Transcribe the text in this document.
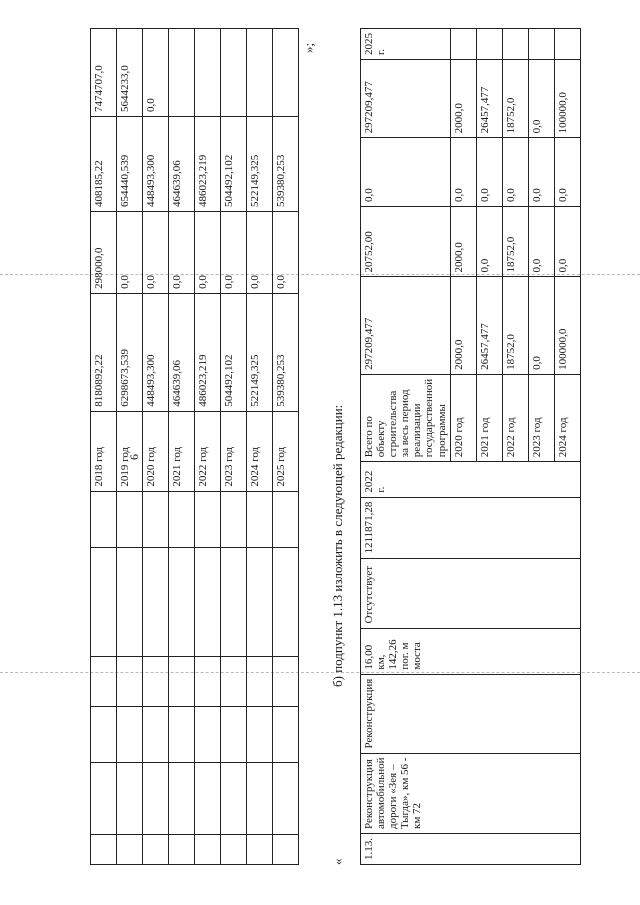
6
						2018 год	8180892,22	298000,0	408185,22	7474707,0
						2019 год	6298673,539	0,0	654440,539	5644233,0
						2020 год	448493,300	0,0	448493,300	0,0
						2021 год	464639,06	0,0	464639,06	
						2022 год	486023,219	0,0	486023,219	
						2023 год	504492,102	0,0	504492,102	
						2024 год	522149,325	0,0	522149,325	
						2025 год	539380,253	0,0	539380,253	
»;
«
б) подпункт 1.13 изложить в следующей редакции:
1.13.	Реконструкция автомобильной дороги «Зея – Тыгда», км 56 - км 72	Реконструкция	16,00 км, 142,26 пог. м моста	Отсутствует	1211871,28	2022 г.	Всего по объекту строительства за весь период реализации государственной программы	297209,477	20752,00	0,0	297209,477	2025 г.
							2020 год	2000,0	2000,0	0,0	2000,0	
							2021 год	26457,477	0,0	0,0	26457,477	
							2022 год	18752,0	18752,0	0,0	18752,0	
							2023 год	0,0	0,0	0,0	0,0	
							2024 год	100000,0	0,0	0,0	100000,0	
